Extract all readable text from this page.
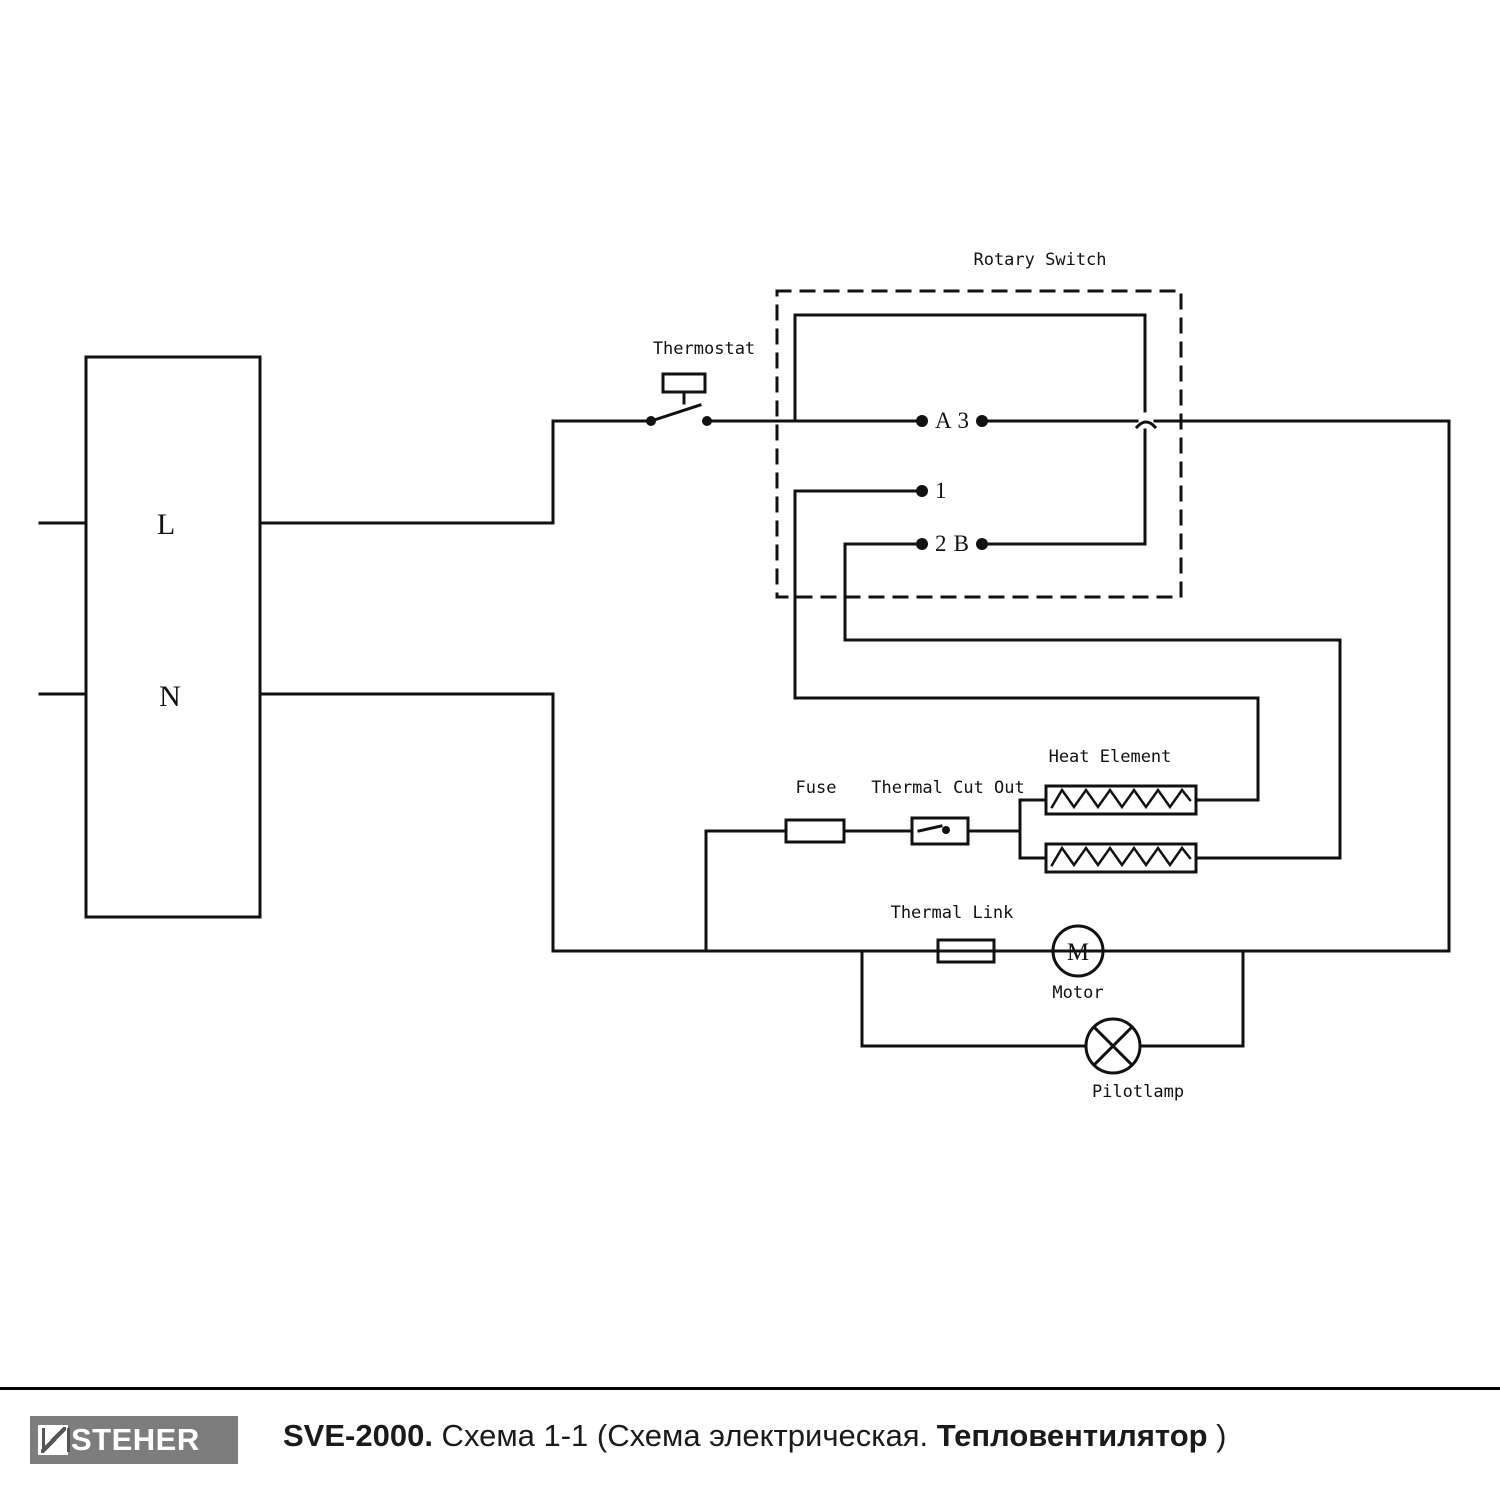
Rotary Switch
Thermostat
Heat Element
Fuse Thermal Cut Out
Thermal Link
Motor
M
Pilotlamp
L
N
A 3
1
2 B
STEHER	SVE-2000. Схема 1-1 (Схема электрическая. Тепловентилятор )
